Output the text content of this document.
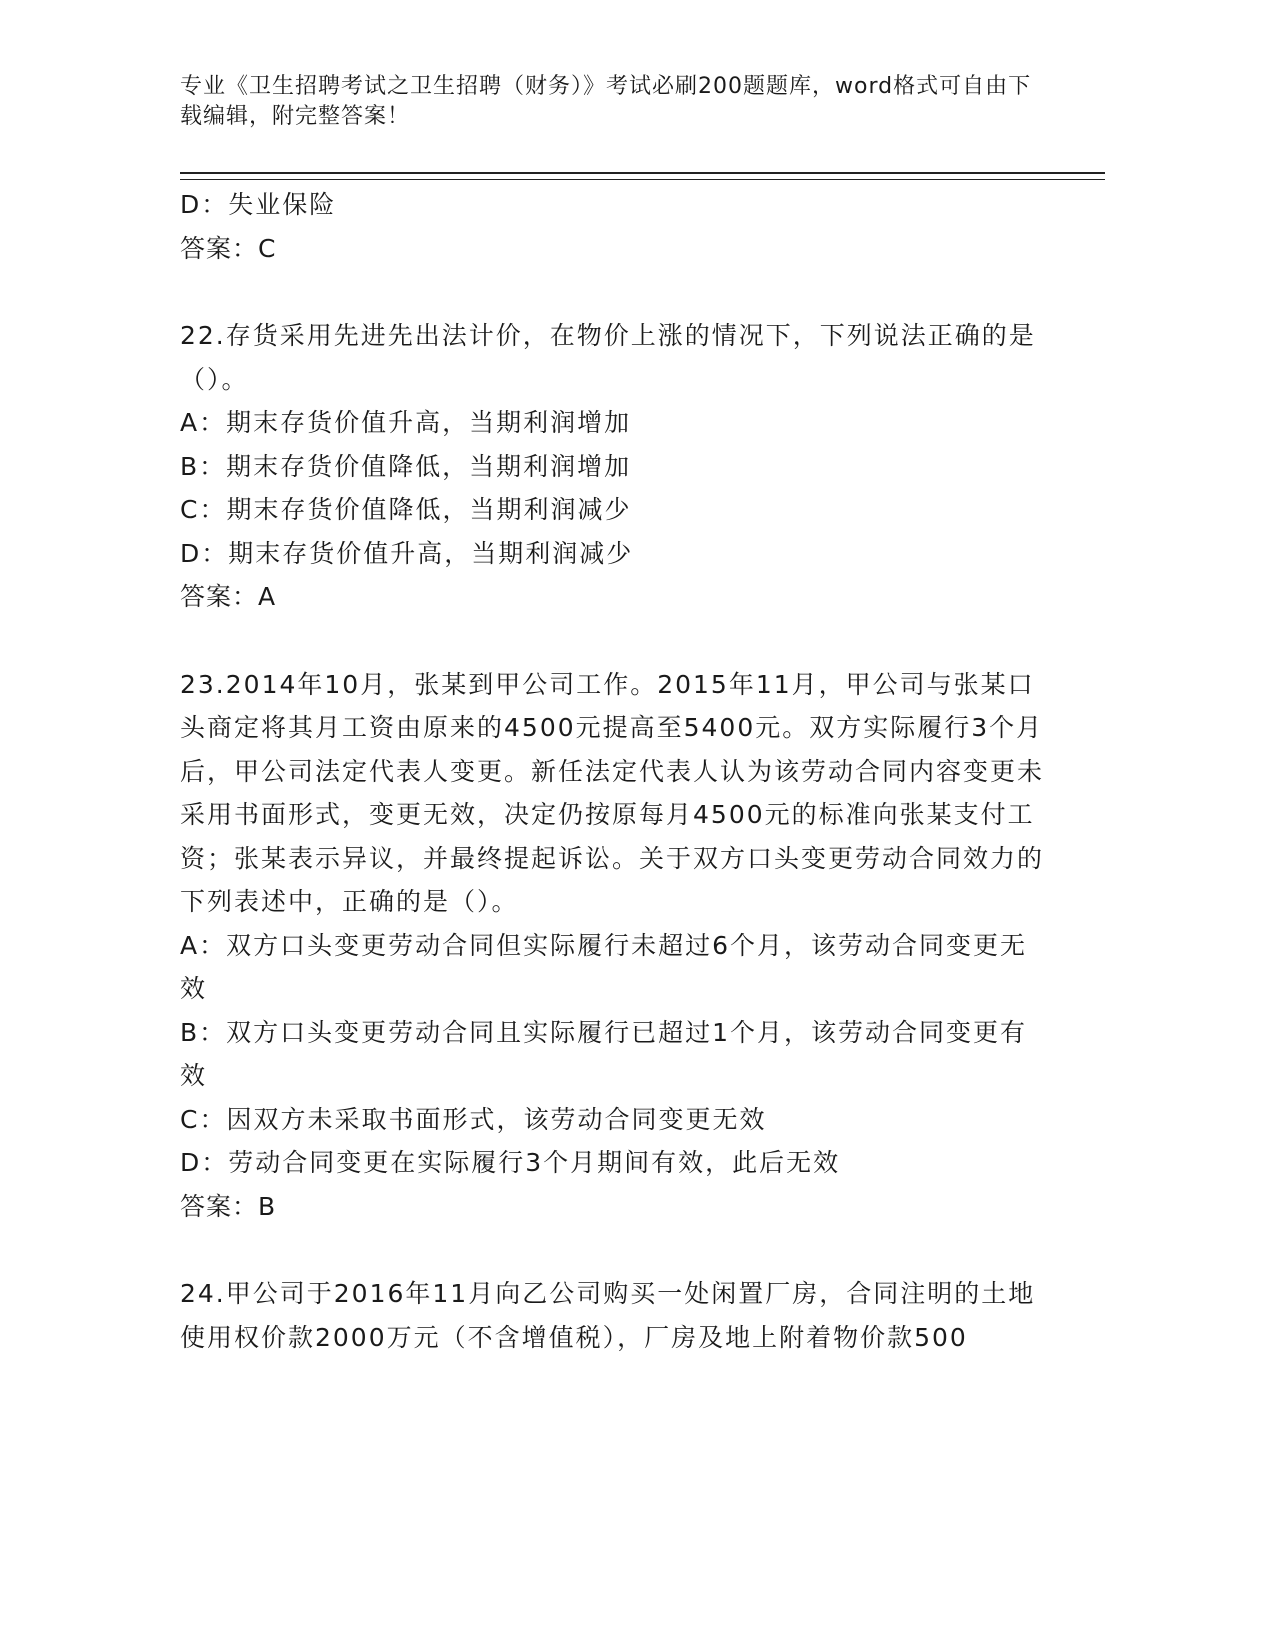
专业《卫生招聘考试之卫生招聘（财务）》考试必刷200题题库，word格式可自由下载编辑，附完整答案！

D：失业保险

答案：C

22.存货采用先进先出法计价，在物价上涨的情况下，下列说法正确的是（）。

A：期末存货价值升高，当期利润增加

B：期末存货价值降低，当期利润增加

C：期末存货价值降低，当期利润减少

D：期末存货价值升高，当期利润减少

答案：A

23.2014年10月，张某到甲公司工作。2015年11月，甲公司与张某口头商定将其月工资由原来的4500元提高至5400元。双方实际履行3个月后，甲公司法定代表人变更。新任法定代表人认为该劳动合同内容变更未采用书面形式，变更无效，决定仍按原每月4500元的标准向张某支付工资；张某表示异议，并最终提起诉讼。关于双方口头变更劳动合同效力的下列表述中，正确的是（）。

A：双方口头变更劳动合同但实际履行未超过6个月，该劳动合同变更无效

B：双方口头变更劳动合同且实际履行已超过1个月，该劳动合同变更有效

C：因双方未采取书面形式，该劳动合同变更无效

D：劳动合同变更在实际履行3个月期间有效，此后无效

答案：B

24.甲公司于2016年11月向乙公司购买一处闲置厂房，合同注明的土地使用权价款2000万元（不含增值税），厂房及地上附着物价款500
